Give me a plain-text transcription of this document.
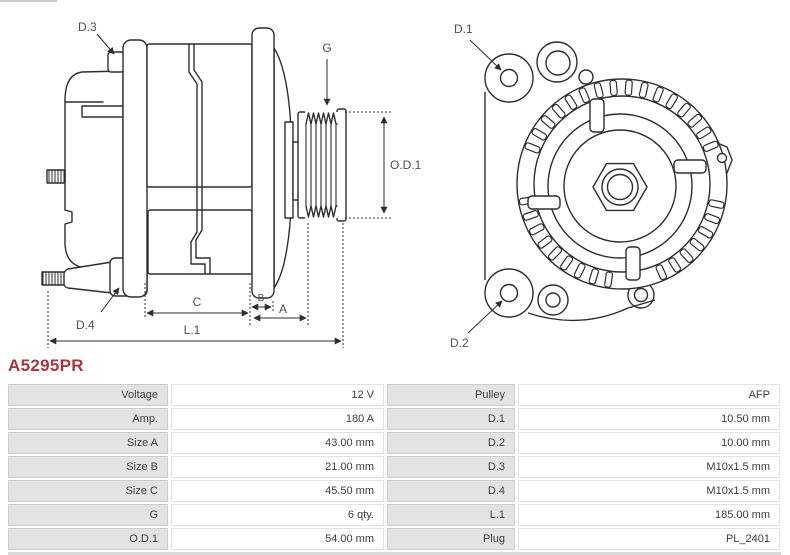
D.3
D.4
G
O.D.1
C	B
A
L.1
D.1
D.2
A5295PR
Voltage	12 V	Pulley	AFP
Amp.	180 A	D.1	10.50 mm
Size A	43.00 mm	D.2	10.00 mm
Size B	21.00 mm	D.3	M10x1.5 mm
Size C	45.50 mm	D.4	M10x1.5 mm
G	6 qty.	L.1	185.00 mm
O.D.1	54.00 mm	Plug	PL_2401
